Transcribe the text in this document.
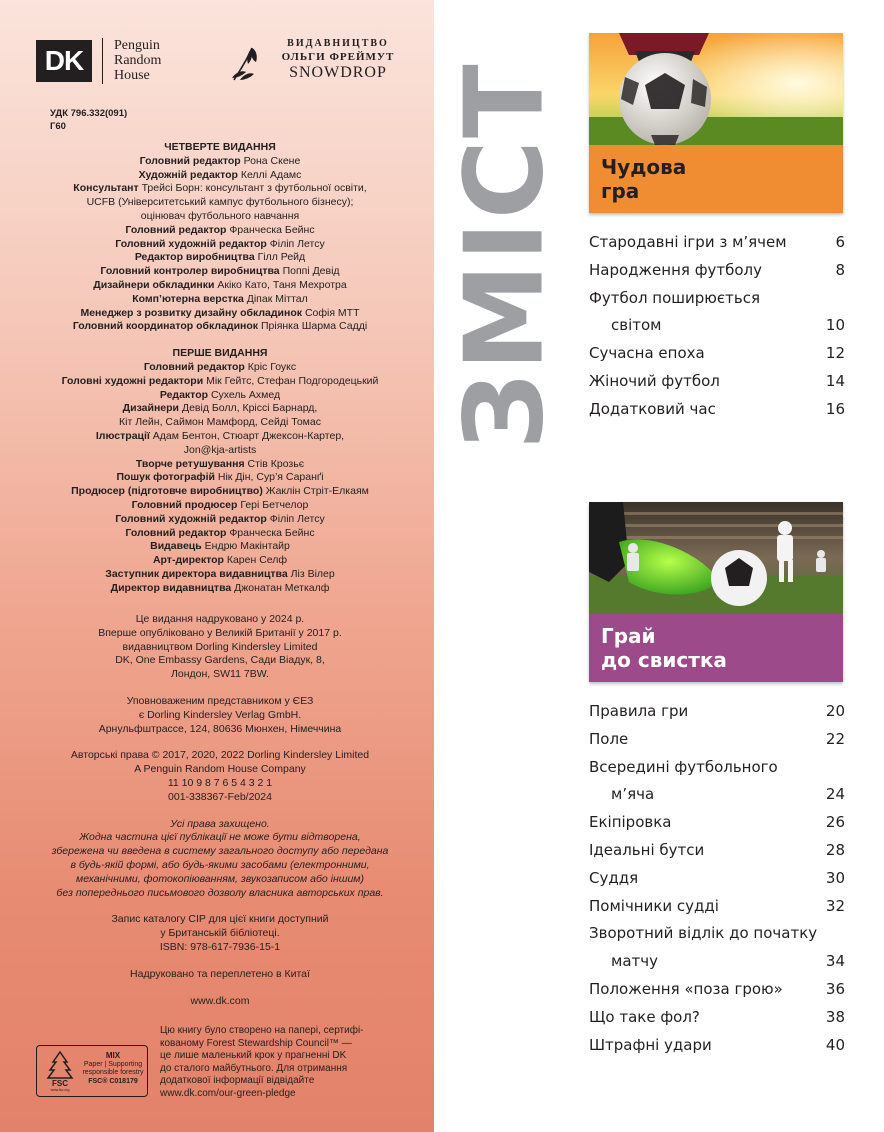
DK	Penguin
Random
House
ВИДАВНИЦТВО
ОЛЬГИ ФРЕЙМУТ
SNOWDROP
УДК 796.332(091)
Г60
ЧЕТВЕРТЕ ВИДАННЯ
Головний редактор Рона Скене
Художній редактор Келлі Адамс
Консультант Трейсі Борн: консультант з футбольної освіти,
UCFB (Університетський кампус футбольного бізнесу);
оцінювач футбольного навчання
Головний редактор Франческа Бейнс
Головний художній редактор Філіп Летсу
Редактор виробництва Гілл Рейд
Головний контролер виробництва Поппі Девід
Дизайнери обкладинки Акіко Като, Таня Мехротра
Комп’ютерна верстка Діпак Міттал
Менеджер з розвитку дизайну обкладинок Софія МТТ
Головний координатор обкладинок Пріянка Шарма Садді
ПЕРШЕ ВИДАННЯ
Головний редактор Кріс Гоукс
Головні художні редактори Мік Гейтс, Стефан Подгородецький
Редактор Сухель Ахмед
Дизайнери Девід Болл, Кріссі Барнард,
Кіт Лейн, Саймон Мамфорд, Сейді Томас
Ілюстрації Адам Бентон, Стюарт Джексон-Картер,
Jon@kja-artists
Творче ретушування Стів Крозьє
Пошук фотографій Нік Дін, Сур’я Саранґі
Продюсер (підготовче виробництво) Жаклін Стріт-Елкаям
Головний продюсер Гері Бетчелор
Головний художній редактор Філіп Летсу
Головний редактор Франческа Бейнс
Видавець Ендрю Макінтайр
Арт-директор Карен Селф
Заступник директора видавництва Ліз Вілер
Директор видавництва Джонатан Меткалф

Це видання надруковано у 2024 р.
Вперше опубліковано у Великій Британії у 2017 р.
видавництвом Dorling Kindersley Limited
DK, One Embassy Gardens, Сади Віадук, 8,
Лондон, SW11 7BW.

Уповноваженим представником у ЄЕЗ
є Dorling Kindersley Verlag GmbH.
Арнульфштрассе, 124, 80636 Мюнхен, Німеччина

Авторські права © 2017, 2020, 2022 Dorling Kindersley Limited
A Penguin Random House Company
11 10 9 8 7 6 5 4 3 2 1
001-338367-Feb/2024

Усі права захищено.
Жодна частина цієї публікації не може бути відтворена,
збережена чи введена в систему загального доступу або передана
в будь-якій формі, або будь-якими засобами (електронними,
механічними, фотокопіюванням, звукозаписом або іншим)
без попереднього письмового дозволу власника авторських прав.

Запис каталогу CIP для цієї книги доступний
у Британській бібліотеці.
ISBN: 978-617-7936-15-1

Надруковано та переплетено в Китаї

www.dk.com

FSC
www.fsc.org
MIX
Paper | Supporting
responsible forestry
FSC® C018179
Цю книгу було створено на папері, сертифі-
кованому Forest Stewardship Council™ —
це лише маленький крок у прагненні DK
до сталого майбутнього. Для отримання
додаткової інформації відвідайте
www.dk.com/our-green-pledge
ЗМІСТ Чудова
гра
Стародавні ігри з м’ячем	6
Народження футболу	8
Футбол поширюється
світом	10
Сучасна епоха	12
Жіночий футбол	14
Додатковий час	16
Грай
до свистка
Правила гри	20
Поле	22
Всередині футбольного
м’яча	24
Екіпіровка	26
Ідеальні бутси	28
Суддя	30
Помічники судді	32
Зворотний відлік до початку
матчу	34
Положення «поза грою»	36
Що таке фол?	38
Штрафні удари	40
